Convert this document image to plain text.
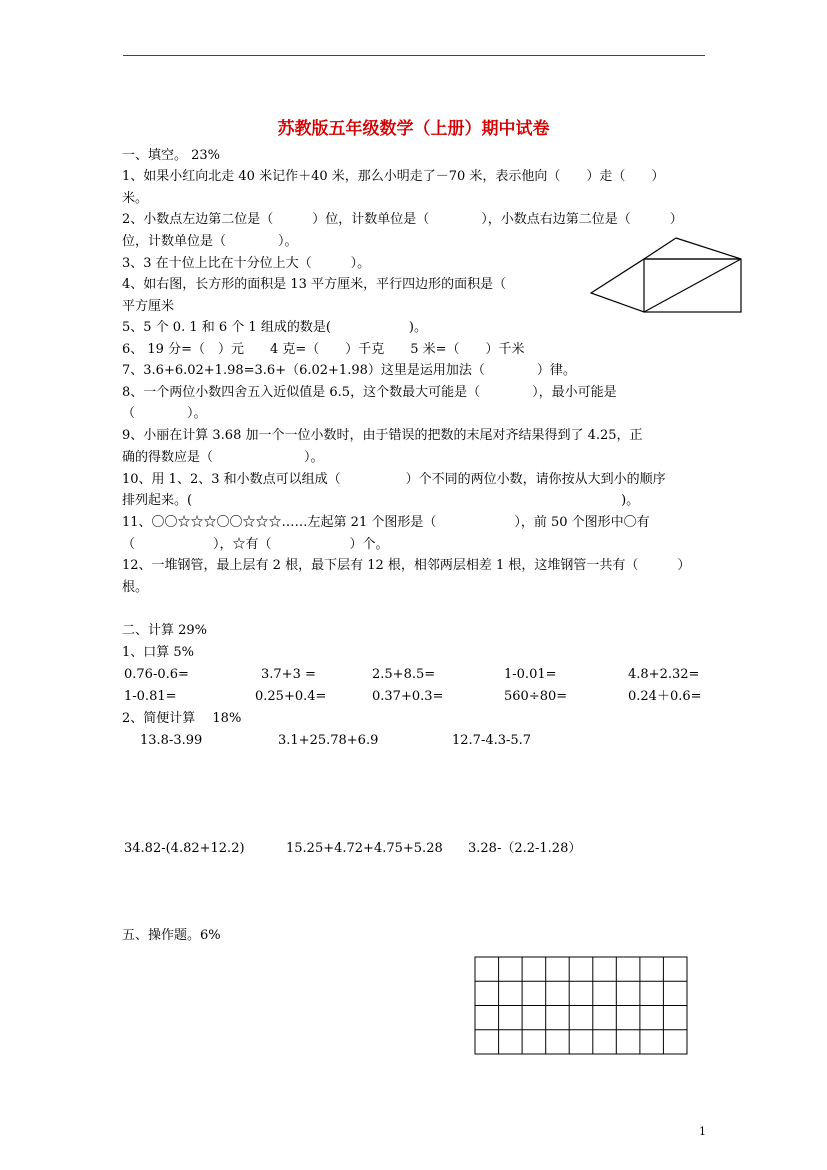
苏教版五年级数学（上册）期中试卷
一、填空。 23%
1、如果小红向北走 40 米记作＋40 米，那么小明走了－70 米，表示他向（　　）走（　　）
米。
2、小数点左边第二位是（　　　）位，计数单位是（　　　　），小数点右边第二位是（　　　）
位，计数单位是（　　　　）。
3、3 在十位上比在十分位上大（　　　）。
4、如右图，长方形的面积是 13 平方厘米，平行四边形的面积是（
平方厘米
5、5 个 0. 1 和 6 个 1 组成的数是(　　　　　　)。
6、 19 分=（　）元　　4 克=（　　）千克　　5 米=（　　）千米
7、3.6+6.02+1.98=3.6+（6.02+1.98）这里是运用加法（　　　　）律。
8、一个两位小数四舍五入近似值是 6.5，这个数最大可能是（　　　　），最小可能是
（　　　　）。
9、小丽在计算 3.68 加一个一位小数时，由于错误的把数的末尾对齐结果得到了 4.25，正
确的得数应是（　　　　　　　）。
10、用 1、2、3 和小数点可以组成（　　　　　）个不同的两位小数，请你按从大到小的顺序
排列起来。(　　　　　　　　　　　　　　　　　　　　　　　　　　　　　　　　　)。
11、〇〇☆☆☆〇〇☆☆☆……左起第 21 个图形是（　　　　　　），前 50 个图形中〇有
（　　　　　　），☆有（　　　　　　）个。
12、一堆钢管，最上层有 2 根，最下层有 12 根，相邻两层相差 1 根，这堆钢管一共有（　　　）
根。
二、计算 29%
1、口算 5%
0.76-0.6=	3.7+3 =	2.5+8.5=	1-0.01=	4.8+2.32=
1-0.81=	0.25+0.4=	0.37+0.3=	560÷80=	0.24＋0.6=
2、简便计算　 18%
13.8-3.99	3.1+25.78+6.9	12.7-4.3-5.7
34.82-(4.82+12.2)	15.25+4.72+4.75+5.28 3.28-（2.2-1.28）
五、操作题。6%
1
